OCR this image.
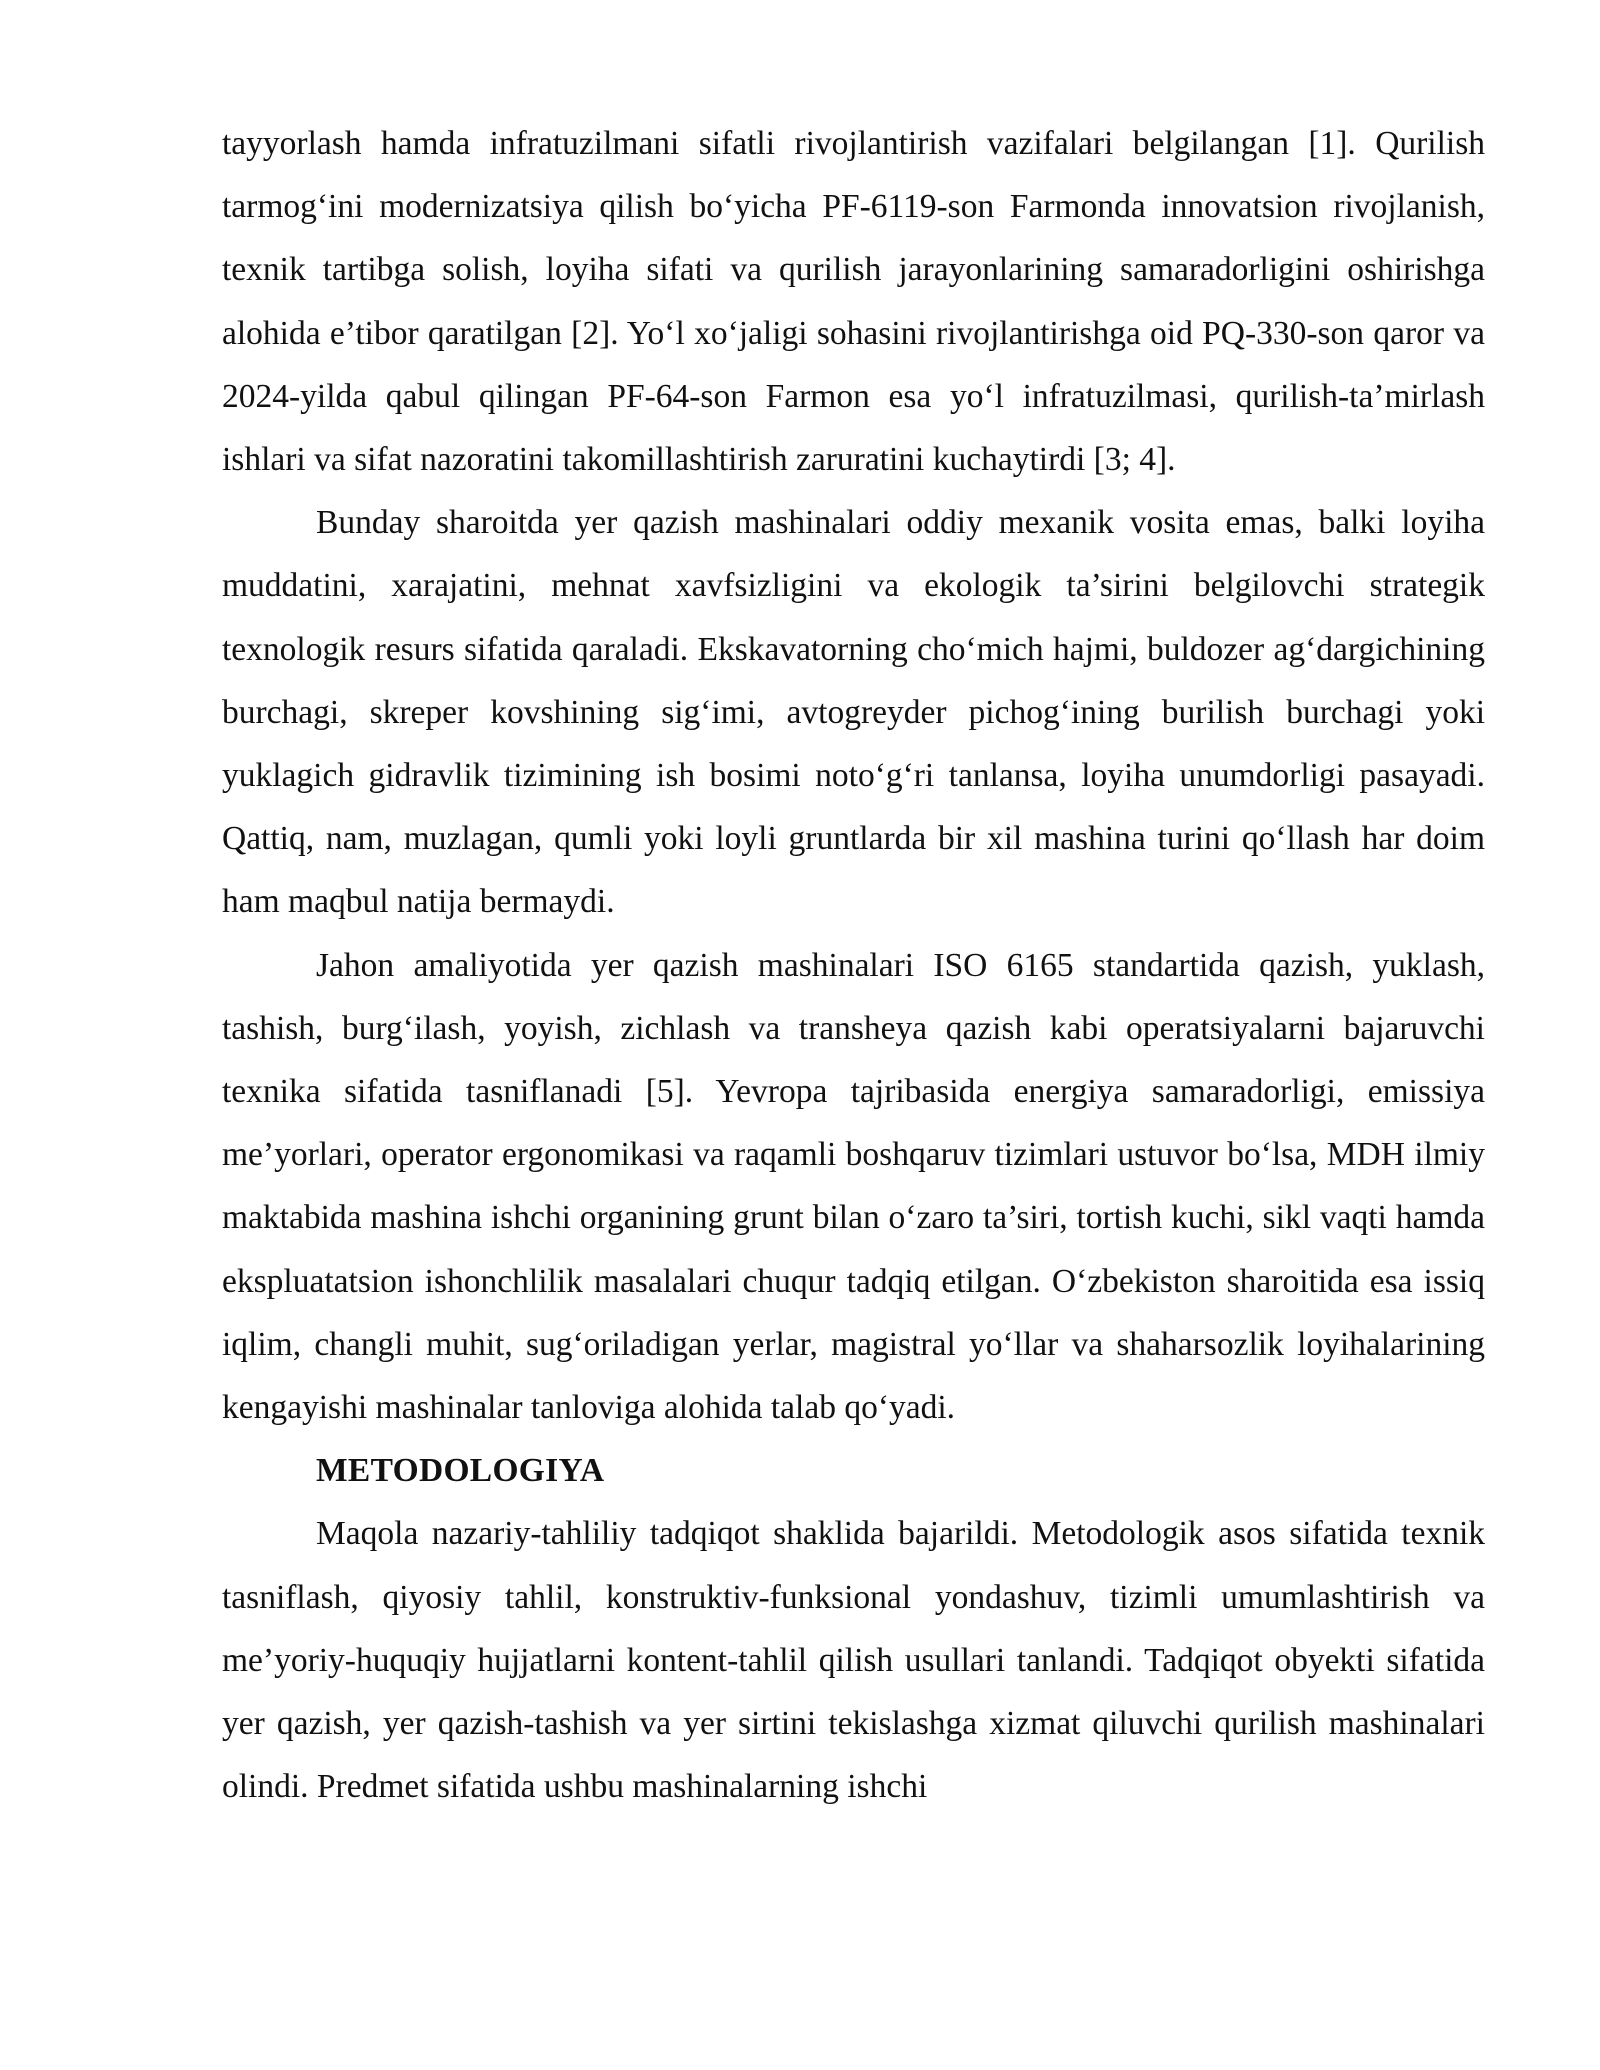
tayyorlash hamda infratuzilmani sifatli rivojlantirish vazifalari belgilangan [1]. Qurilish tarmog‘ini modernizatsiya qilish bo‘yicha PF-6119-son Farmonda innovatsion rivojlanish, texnik tartibga solish, loyiha sifati va qurilish jarayonlarining samaradorligini oshirishga alohida e’tibor qaratilgan [2]. Yo‘l xo‘jaligi sohasini rivojlantirishga oid PQ-330-son qaror va 2024-yilda qabul qilingan PF-64-son Farmon esa yo‘l infratuzilmasi, qurilish-ta’mirlash ishlari va sifat nazoratini takomillashtirish zaruratini kuchaytirdi [3; 4].

Bunday sharoitda yer qazish mashinalari oddiy mexanik vosita emas, balki loyiha muddatini, xarajatini, mehnat xavfsizligini va ekologik ta’sirini belgilovchi strategik texnologik resurs sifatida qaraladi. Ekskavatorning cho‘mich hajmi, buldozer ag‘dargichining burchagi, skreper kovshining sig‘imi, avtogreyder pichog‘ining burilish burchagi yoki yuklagich gidravlik tizimining ish bosimi noto‘g‘ri tanlansa, loyiha unumdorligi pasayadi. Qattiq, nam, muzlagan, qumli yoki loyli gruntlarda bir xil mashina turini qo‘llash har doim ham maqbul natija bermaydi.

Jahon amaliyotida yer qazish mashinalari ISO 6165 standartida qazish, yuklash, tashish, burg‘ilash, yoyish, zichlash va transheya qazish kabi operatsiyalarni bajaruvchi texnika sifatida tasniflanadi [5]. Yevropa tajribasida energiya samaradorligi, emissiya me’yorlari, operator ergonomikasi va raqamli boshqaruv tizimlari ustuvor bo‘lsa, MDH ilmiy maktabida mashina ishchi organining grunt bilan o‘zaro ta’siri, tortish kuchi, sikl vaqti hamda ekspluatatsion ishonchlilik masalalari chuqur tadqiq etilgan. O‘zbekiston sharoitida esa issiq iqlim, changli muhit, sug‘oriladigan yerlar, magistral yo‘llar va shaharsozlik loyihalarining kengayishi mashinalar tanloviga alohida talab qo‘yadi.

METODOLOGIYA

Maqola nazariy-tahliliy tadqiqot shaklida bajarildi. Metodologik asos sifatida texnik tasniflash, qiyosiy tahlil, konstruktiv-funksional yondashuv, tizimli umumlashtirish va me’yoriy-huquqiy hujjatlarni kontent-tahlil qilish usullari tanlandi. Tadqiqot obyekti sifatida yer qazish, yer qazish-tashish va yer sirtini tekislashga xizmat qiluvchi qurilish mashinalari olindi. Predmet sifatida ushbu mashinalarning ishchi
